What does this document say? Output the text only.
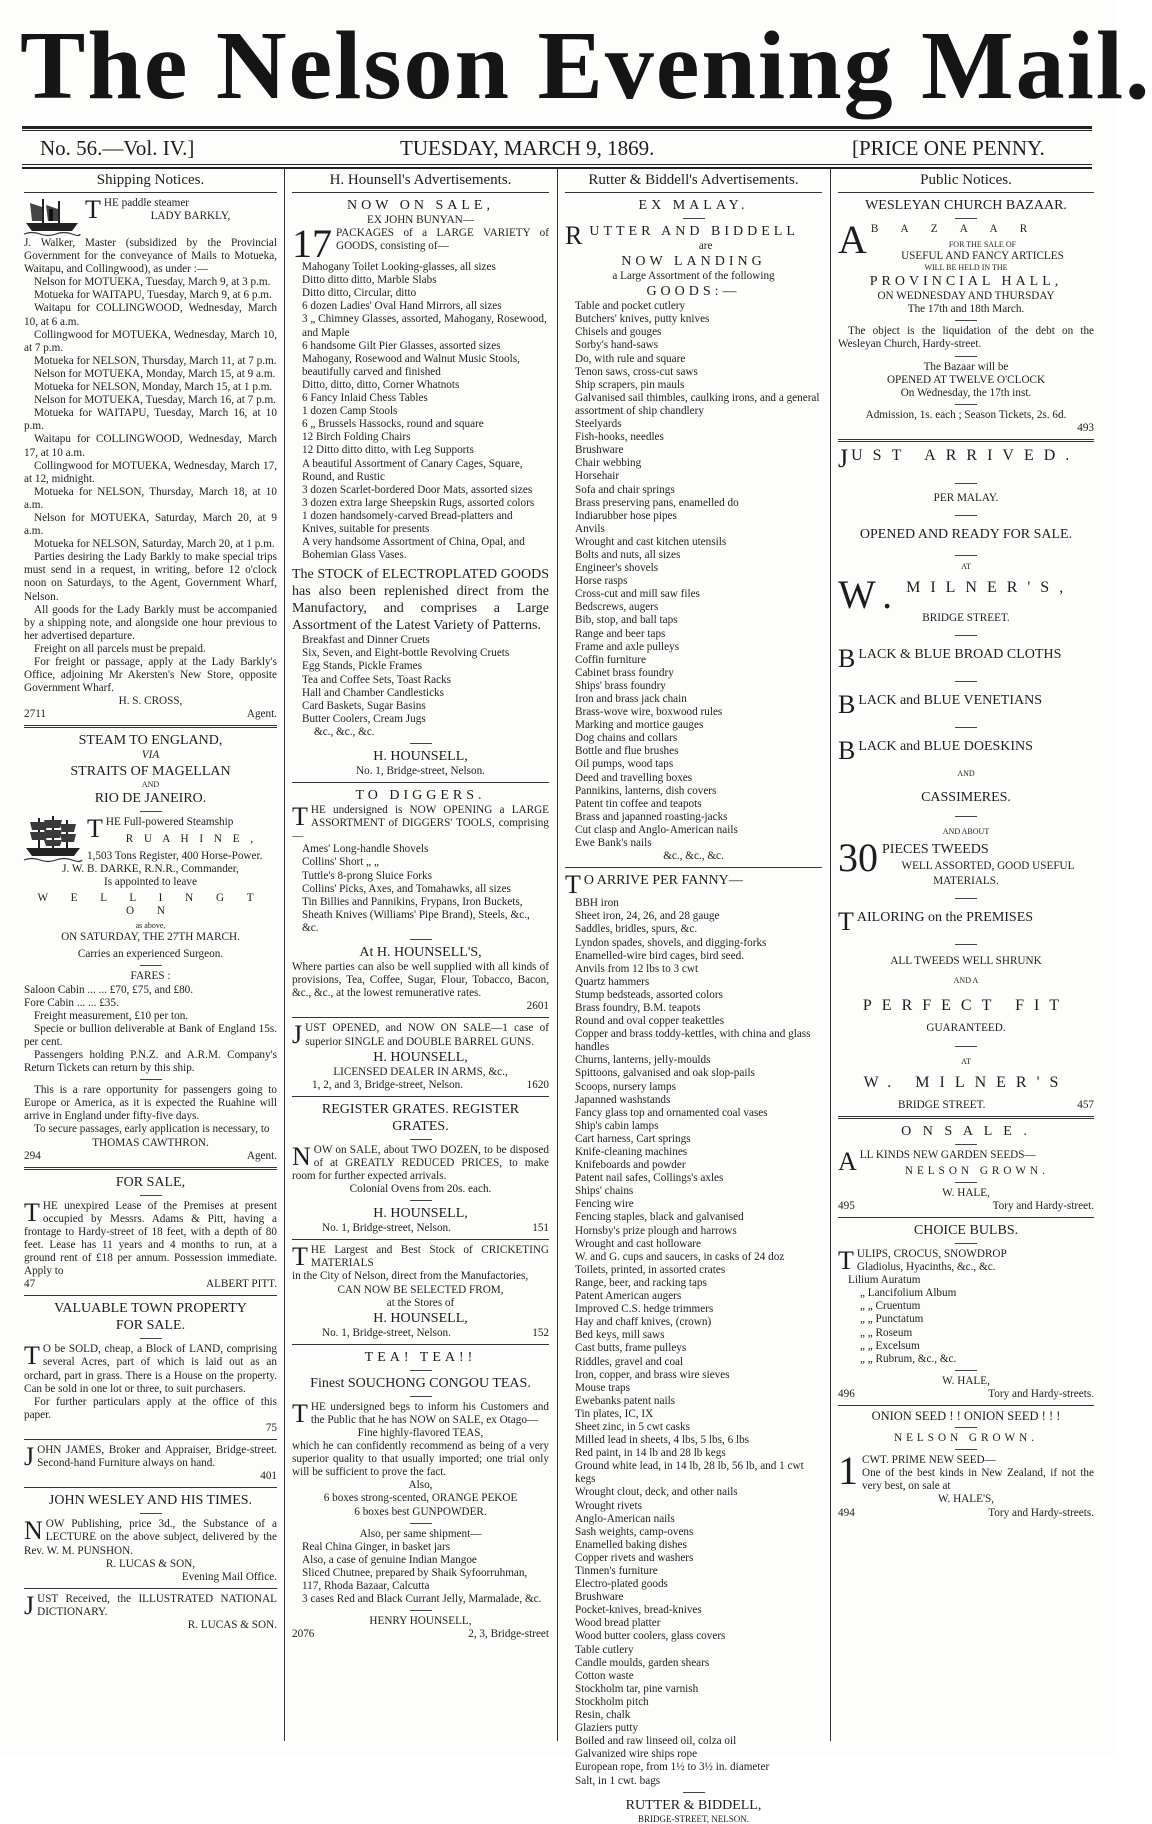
The Nelson Evening Mail.
No. 56.—Vol. IV.]	TUESDAY, MARCH 9, 1869.	[PRICE ONE PENNY.
Shipping Notices.
THE paddle steamer
LADY BARKLY,

J. Walker, Master (subsidized by the Provincial Government for the conveyance of Mails to Motueka, Waitapu, and Collingwood), as under :—

Nelson for MOTUEKA, Tuesday, March 9, at 3 p.m.

Motueka for WAITAPU, Tuesday, March 9, at 6 p.m.

Waitapu for COLLINGWOOD, Wednesday, March 10, at 6 a.m.

Collingwood for MOTUEKA, Wednesday, March 10, at 7 p.m.

Motueka for NELSON, Thursday, March 11, at 7 p.m.

Nelson for MOTUEKA, Monday, March 15, at 9 a.m.

Motueka for NELSON, Monday, March 15, at 1 p.m.

Nelson for MOTUEKA, Tuesday, March 16, at 7 p.m.

Motueka for WAITAPU, Tuesday, March 16, at 10 p.m.

Waitapu for COLLINGWOOD, Wednesday, March 17, at 10 a.m.

Collingwood for MOTUEKA, Wednesday, March 17, at 12, midnight.

Motueka for NELSON, Thursday, March 18, at 10 a.m.

Nelson for MOTUEKA, Saturday, March 20, at 9 a.m.

Motueka for NELSON, Saturday, March 20, at 1 p.m.

Parties desiring the Lady Barkly to make special trips must send in a request, in writing, before 12 o'clock noon on Saturdays, to the Agent, Government Wharf, Nelson.

All goods for the Lady Barkly must be accompanied by a shipping note, and alongside one hour previous to her advertised departure.

Freight on all parcels must be prepaid.

For freight or passage, apply at the Lady Barkly's Office, adjoining Mr Akersten's New Store, opposite Government Wharf.

H. S. CROSS,
2711	Agent.
STEAM TO ENGLAND,
VIA
STRAITS OF MAGELLAN
AND
RIO DE JANEIRO.
THE Full-powered Steamship
R U A H I N E ,

1,503 Tons Register, 400 Horse-Power.

J. W. B. DARKE, R.N.R., Commander,
Is appointed to leave
W E L L I N G T O N
as above,
ON SATURDAY, THE 27TH MARCH.
Carries an experienced Surgeon.
FARES :

Saloon Cabin ... ... £70, £75, and £80.

Fore Cabin ... ... £35.

Freight measurement, £10 per ton.

Specie or bullion deliverable at Bank of England 15s. per cent.

Passengers holding P.N.Z. and A.R.M. Company's Return Tickets can return by this ship.

This is a rare opportunity for passengers going to Europe or America, as it is expected the Ruahine will arrive in England under fifty-five days.

To secure passages, early application is necessary, to

THOMAS CAWTHRON.
294	Agent.
FOR SALE,

THE unexpired Lease of the Premises at present occupied by Messrs. Adams & Pitt, having a frontage to Hardy-street of 18 feet, with a depth of 80 feet. Lease has 11 years and 4 months to run, at a ground rent of £18 per annum. Possession immediate. Apply to

47	ALBERT PITT.
VALUABLE TOWN PROPERTY
FOR SALE.

T O be SOLD, cheap, a Block of LAND, comprising several Acres, part of which is laid out as an orchard, part in grass. There is a House on the property. Can be sold in one lot or three, to suit purchasers.

For further particulars apply at the office of this paper.

75

JOHN JAMES, Broker and Appraiser, Bridge-street. Second-hand Furniture always on hand.

401
JOHN WESLEY AND HIS TIMES.

NOW Publishing, price 3d., the Substance of a LECTURE on the above subject, delivered by the Rev. W. M. PUNSHON.

R. LUCAS & SON,
Evening Mail Office.

JUST Received, the ILLUSTRATED NATIONAL DICTIONARY.

R. LUCAS & SON.
H. Hounsell's Advertisements.
NOW ON SALE,
EX JOHN BUNYAN—

17 PACKAGES of a LARGE VARIETY of GOODS, consisting of—

Mahogany Toilet Looking-glasses, all sizes

Ditto ditto ditto, Marble Slabs

Ditto ditto, Circular, ditto

6 dozen Ladies' Oval Hand Mirrors, all sizes

3 „ Chimney Glasses, assorted, Mahogany, Rosewood, and Maple

6 handsome Gilt Pier Glasses, assorted sizes

Mahogany, Rosewood and Walnut Music Stools, beautifully carved and finished

Ditto, ditto, ditto, Corner Whatnots

6 Fancy Inlaid Chess Tables

1 dozen Camp Stools

6 „ Brussels Hassocks, round and square

12 Birch Folding Chairs

12 Ditto ditto ditto, with Leg Supports

A beautiful Assortment of Canary Cages, Square, Round, and Rustic

3 dozen Scarlet-bordered Door Mats, assorted sizes

3 dozen extra large Sheepskin Rugs, assorted colors

1 dozen handsomely-carved Bread-platters and Knives, suitable for presents

A very handsome Assortment of China, Opal, and Bohemian Glass Vases.

The STOCK of ELECTROPLATED GOODS has also been replenished direct from the Manufactory, and comprises a Large Assortment of the Latest Variety of Patterns.

Breakfast and Dinner Cruets

Six, Seven, and Eight-bottle Revolving Cruets

Egg Stands, Pickle Frames

Tea and Coffee Sets, Toast Racks

Hall and Chamber Candlesticks

Card Baskets, Sugar Basins

Butter Coolers, Cream Jugs

&c., &c., &c.

H. HOUNSELL,
No. 1, Bridge-street, Nelson.
TO DIGGERS.

THE undersigned is NOW OPENING a LARGE ASSORTMENT of DIGGERS' TOOLS, comprising—

Ames' Long-handle Shovels

Collins' Short „ „

Tuttle's 8-prong Sluice Forks

Collins' Picks, Axes, and Tomahawks, all sizes

Tin Billies and Pannikins, Frypans, Iron Buckets, Sheath Knives (Williams' Pipe Brand), Steels, &c., &c.

At H. HOUNSELL'S,

Where parties can also be well supplied with all kinds of provisions, Tea, Coffee, Sugar, Flour, Tobacco, Bacon, &c., &c., at the lowest remunerative rates.

2601

JUST OPENED, and NOW ON SALE—1 case of superior SINGLE and DOUBLE BARREL GUNS.

H. HOUNSELL,
LICENSED DEALER IN ARMS, &c.,
1, 2, and 3, Bridge-street, Nelson.	1620
REGISTER GRATES. REGISTER GRATES.

NOW on SALE, about TWO DOZEN, to be disposed of at GREATLY REDUCED PRICES, to make room for further expected arrivals.

Colonial Ovens from 20s. each.
H. HOUNSELL,
No. 1, Bridge-street, Nelson.	151

THE Largest and Best Stock of CRICKETING MATERIALS

in the City of Nelson, direct from the Manufactories,

CAN NOW BE SELECTED FROM,
at the Stores of
H. HOUNSELL,
No. 1, Bridge-street, Nelson.	152
TEA! TEA!!
Finest SOUCHONG CONGOU TEAS.

THE undersigned begs to inform his Customers and the Public that he has NOW on SALE, ex Otago—

Fine highly-flavored TEAS,

which he can confidently recommend as being of a very superior quality to that usually imported; one trial only will be sufficient to prove the fact.

Also,
6 boxes strong-scented, ORANGE PEKOE
6 boxes best GUNPOWDER.
Also, per same shipment—

Real China Ginger, in basket jars

Also, a case of genuine Indian Mangoe

Sliced Chutnee, prepared by Shaik Syfoorruhman, 117, Rhoda Bazaar, Calcutta

3 cases Red and Black Currant Jelly, Marmalade, &c.

HENRY HOUNSELL,
2076	2, 3, Bridge-street
Rutter & Biddell's Advertisements.
EX MALAY.
RUTTER AND BIDDELL
are
NOW LANDING
a Large Assortment of the following
GOODS:—

Table and pocket cutlery

Butchers' knives, putty knives

Chisels and gouges

Sorby's hand-saws

Do, with rule and square

Tenon saws, cross-cut saws

Ship scrapers, pin mauls

Galvanised sail thimbles, caulking irons, and a general assortment of ship chandlery

Steelyards

Fish-hooks, needles

Brushware

Chair webbing

Horsehair

Sofa and chair springs

Brass preserving pans, enamelled do

Indiarubber hose pipes

Anvils

Wrought and cast kitchen utensils

Bolts and nuts, all sizes

Engineer's shovels

Horse rasps

Cross-cut and mill saw files

Bedscrews, augers

Bib, stop, and ball taps

Range and beer taps

Frame and axle pulleys

Coffin furniture

Cabinet brass foundry

Ships' brass foundry

Iron and brass jack chain

Brass-wove wire, boxwood rules

Marking and mortice gauges

Dog chains and collars

Bottle and flue brushes

Oil pumps, wood taps

Deed and travelling boxes

Pannikins, lanterns, dish covers

Patent tin coffee and teapots

Brass and japanned roasting-jacks

Cut clasp and Anglo-American nails

Ewe Bank's nails

&c., &c., &c.
T O ARRIVE PER FANNY—

BBH iron

Sheet iron, 24, 26, and 28 gauge

Saddles, bridles, spurs, &c.

Lyndon spades, shovels, and digging-forks

Enamelled-wire bird cages, bird seed.

Anvils from 12 lbs to 3 cwt

Quartz hammers

Stump bedsteads, assorted colors

Brass foundry, B.M. teapots

Round and oval copper teakettles

Copper and brass toddy-kettles, with china and glass handles

Churns, lanterns, jelly-moulds

Spittoons, galvanised and oak slop-pails

Scoops, nursery lamps

Japanned washstands

Fancy glass top and ornamented coal vases

Ship's cabin lamps

Cart harness, Cart springs

Knife-cleaning machines

Knifeboards and powder

Patent nail safes, Collings's axles

Ships' chains

Fencing wire

Fencing staples, black and galvanised

Hornsby's prize plough and harrows

Wrought and cast holloware

W. and G. cups and saucers, in casks of 24 doz

Toilets, printed, in assorted crates

Range, beer, and racking taps

Patent American augers

Improved C.S. hedge trimmers

Hay and chaff knives, (crown)

Bed keys, mill saws

Cast butts, frame pulleys

Riddles, gravel and coal

Iron, copper, and brass wire sieves

Mouse traps

Ewebanks patent nails

Tin plates, IC, IX

Sheet zinc, in 5 cwt casks

Milled lead in sheets, 4 lbs, 5 lbs, 6 lbs

Red paint, in 14 lb and 28 lb kegs

Ground white lead, in 14 lb, 28 lb, 56 lb, and 1 cwt kegs

Wrought clout, deck, and other nails

Wrought rivets

Anglo-American nails

Sash weights, camp-ovens

Enamelled baking dishes

Copper rivets and washers

Tinmen's furniture

Electro-plated goods

Brushware

Pocket-knives, bread-knives

Wood bread platter

Wood butter coolers, glass covers

Table cutlery

Candle moulds, garden shears

Cotton waste

Stockholm tar, pine varnish

Stockholm pitch

Resin, chalk

Glaziers putty

Boiled and raw linseed oil, colza oil

Galvanized wire ships rope

European rope, from 1½ to 3½ in. diameter

Salt, in 1 cwt. bags

RUTTER & BIDDELL,
BRIDGE-STREET, NELSON.
Public Notices.
WESLEYAN CHURCH BAZAAR.
A B A Z A A R
FOR THE SALE OF
USEFUL AND FANCY ARTICLES
WILL BE HELD IN THE
PROVINCIAL HALL,
ON WEDNESDAY AND THURSDAY
The 17th and 18th March.

The object is the liquidation of the debt on the Wesleyan Church, Hardy-street.

The Bazaar will be
OPENED AT TWELVE O'CLOCK
On Wednesday, the 17th inst.
Admission, 1s. each ; Season Tickets, 2s. 6d.
493
JUST ARRIVED.
PER MALAY.
OPENED AND READY FOR SALE.
AT
W. MILNER'S,
BRIDGE STREET.
BLACK & BLUE BROAD CLOTHS
BLACK and BLUE VENETIANS
BLACK and BLUE DOESKINS
AND
CASSIMERES.
AND ABOUT
30 PIECES TWEEDS
WELL ASSORTED, GOOD USEFUL
MATERIALS.
TAILORING on the PREMISES
ALL TWEEDS WELL SHRUNK
AND A
PERFECT FIT
GUARANTEED.
AT
W. MILNER'S
BRIDGE STREET.	457
O N S A L E .
ALL KINDS NEW GARDEN SEEDS—
NELSON GROWN.
W. HALE,
495	Tory and Hardy-street.
CHOICE BULBS.
TULIPS, CROCUS, SNOWDROP
Gladiolus, Hyacinths, &c., &c.
Lilium Auratum

„ Lancifolium Album

„ „ Cruentum

„ „ Punctatum

„ „ Roseum

„ „ Excelsum

„ „ Rubrum, &c., &c.

W. HALE,
496	Tory and Hardy-streets.
ONION SEED ! ! ONION SEED ! ! !
NELSON GROWN.
1 CWT. PRIME NEW SEED—

One of the best kinds in New Zealand, if not the very best, on sale at

W. HALE'S,
494	Tory and Hardy-streets.
